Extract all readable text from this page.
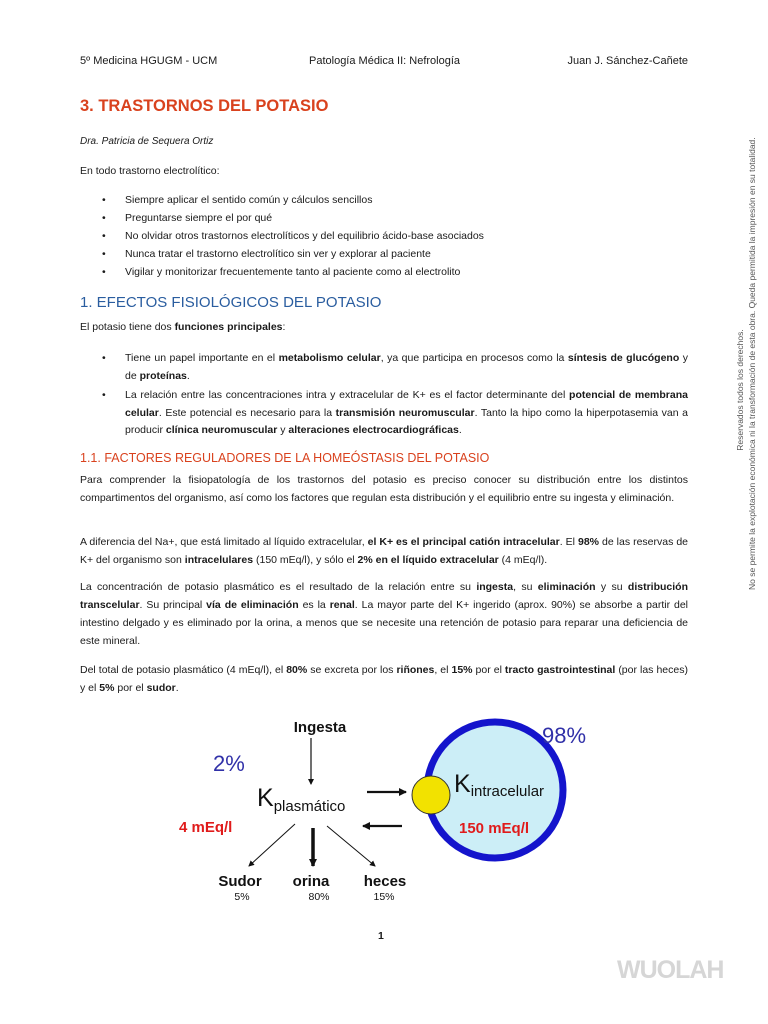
5º Medicina HGUGM - UCM	Patología Médica II: Nefrología	Juan J. Sánchez-Cañete
3. TRASTORNOS DEL POTASIO
Dra. Patricia de Sequera Ortiz
En todo trastorno electrolítico:
• Siempre aplicar el sentido común y cálculos sencillos
• Preguntarse siempre el por qué
• No olvidar otros trastornos electrolíticos y del equilibrio ácido-base asociados
• Nunca tratar el trastorno electrolítico sin ver y explorar al paciente
• Vigilar y monitorizar frecuentemente tanto al paciente como al electrolito
1. EFECTOS FISIOLÓGICOS DEL POTASIO
El potasio tiene dos funciones principales:
• Tiene un papel importante en el metabolismo celular, ya que participa en procesos como la síntesis de glucógeno y de proteínas.
• La relación entre las concentraciones intra y extracelular de K+ es el factor determinante del potencial de membrana celular. Este potencial es necesario para la transmisión neuromuscular. Tanto la hipo como la hiperpotasemia van a producir clínica neuromuscular y alteraciones electrocardiográficas.
1.1. FACTORES REGULADORES DE LA HOMEÓSTASIS DEL POTASIO
Para comprender la fisiopatología de los trastornos del potasio es preciso conocer su distribución entre los distintos compartimentos del organismo, así como los factores que regulan esta distribución y el equilibrio entre su ingesta y eliminación.
A diferencia del Na+, que está limitado al líquido extracelular, el K+ es el principal catión intracelular. El 98% de las reservas de K+ del organismo son intracelulares (150 mEq/l), y sólo el 2% en el líquido extracelular (4 mEq/l).
La concentración de potasio plasmático es el resultado de la relación entre su ingesta, su eliminación y su distribución transcelular. Su principal vía de eliminación es la renal. La mayor parte del K+ ingerido (aprox. 90%) se absorbe a partir del intestino delgado y es eliminado por la orina, a menos que se necesite una retención de potasio para reparar una deficiencia de este mineral.
Del total de potasio plasmático (4 mEq/l), el 80% se excreta por los riñones, el 15% por el tracto gastrointestinal (por las heces) y el 5% por el sudor.
Ingesta
2%
Kplasmático
4 mEq/l
98%
Kintracelular
150 mEq/l
Sudor
5%
orina
80%
heces
15%
Reservados todos los derechos. No se permite la explotación económica ni la transformación de esta obra. Queda permitida la impresión en su totalidad.
1
WUOLAH
